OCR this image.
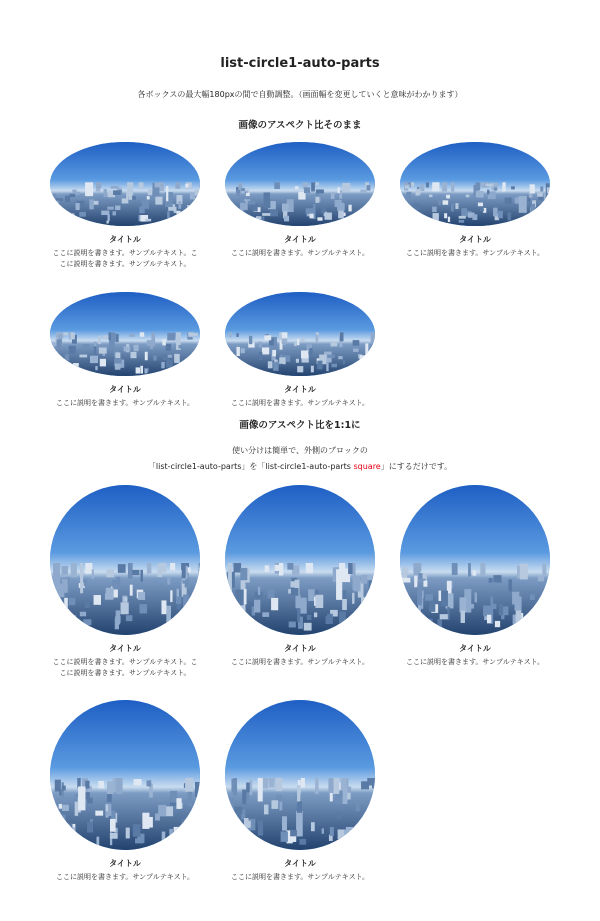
list-circle1-auto-parts
各ボックスの最大幅180pxの間で自動調整。（画面幅を変更していくと意味がわかります）
画像のアスペクト比そのまま
タイトル
ここに説明を書きます。サンプルテキスト。ここに説明を書きます。サンプルテキスト。
タイトル
ここに説明を書きます。サンプルテキスト。
タイトル
ここに説明を書きます。サンプルテキスト。
タイトル
ここに説明を書きます。サンプルテキスト。
タイトル
ここに説明を書きます。サンプルテキスト。
画像のアスペクト比を1:1に
使い分けは簡単で、外側のブロックの
「list-circle1-auto-parts」を「list-circle1-auto-parts square」にするだけです。
タイトル
ここに説明を書きます。サンプルテキスト。ここに説明を書きます。サンプルテキスト。
タイトル
ここに説明を書きます。サンプルテキスト。
タイトル
ここに説明を書きます。サンプルテキスト。
タイトル
ここに説明を書きます。サンプルテキスト。
タイトル
ここに説明を書きます。サンプルテキスト。
